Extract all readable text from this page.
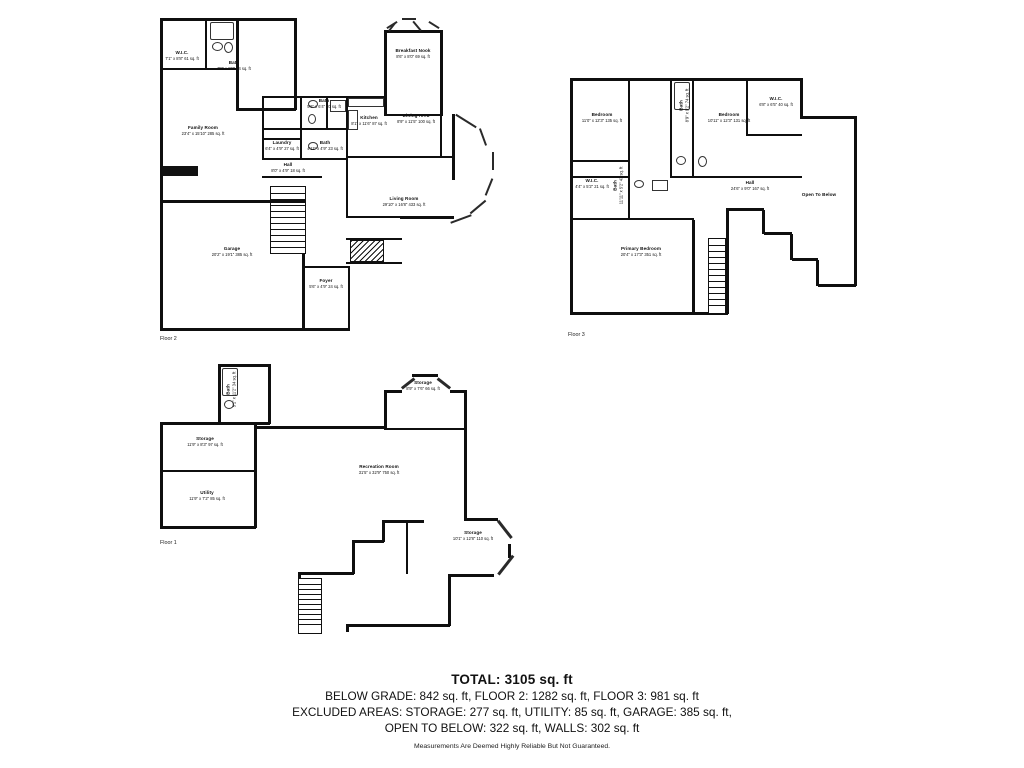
W.I.C.
7'1" x 8'8" 61 sq. ft
Bath
7'8" x 8'8" 64 sq. ft
Family Room
23'4" x 15'10" 285 sq. ft
Breakfast Nook
8'6" x 8'0" 69 sq. ft
Dining Area
8'9" x 11'5" 100 sq. ft
Kitchen
8'1" x 11'6" 87 sq. ft
Bath
5'6" x 6'4" 20 sq. ft
Bath
4'11" x 4'9" 23 sq. ft
Laundry
6'4" x 4'9" 27 sq. ft
Hall
8'0" x 4'9" 18 sq. ft
Living Room
29'10" x 16'8" 433 sq. ft
Garage
20'2" x 19'1" 385 sq. ft
Foyer
5'6" x 4'9" 24 sq. ft
Floor 2
Bedroom
11'0" x 12'3" 135 sq. ft
Bedroom
10'11" x 12'3" 131 sq. ft
W.I.C.
6'8" x 6'5" 40 sq. ft
W.I.C.
4'4" x 5'2" 21 sq. ft
Bath 8'9" x 9'2" 74 sq. ft
Bath 11'11" x 5'2" 43 sq. ft	Hall
24'6" x 9'0" 167 sq. ft
Primary Bedroom
20'4" x 17'3" 351 sq. ft
Open To Below
Floor 3
Bath 5'1" x 11'2" 34 sq. ft
Storage
11'9" x 8'3" 97 sq. ft
Utility
11'9" x 7'2" 85 sq. ft
Storage
8'9" x 7'6" 66 sq. ft
Recreation Room
31'5" x 32'9" 750 sq. ft
Storage
10'1" x 12'8" 110 sq. ft
Floor 1
TOTAL: 3105 sq. ft
BELOW GRADE: 842 sq. ft, FLOOR 2: 1282 sq. ft, FLOOR 3: 981 sq. ft
EXCLUDED AREAS: STORAGE: 277 sq. ft, UTILITY: 85 sq. ft, GARAGE: 385 sq. ft,
OPEN TO BELOW: 322 sq. ft, WALLS: 302 sq. ft
Measurements Are Deemed Highly Reliable But Not Guaranteed.
